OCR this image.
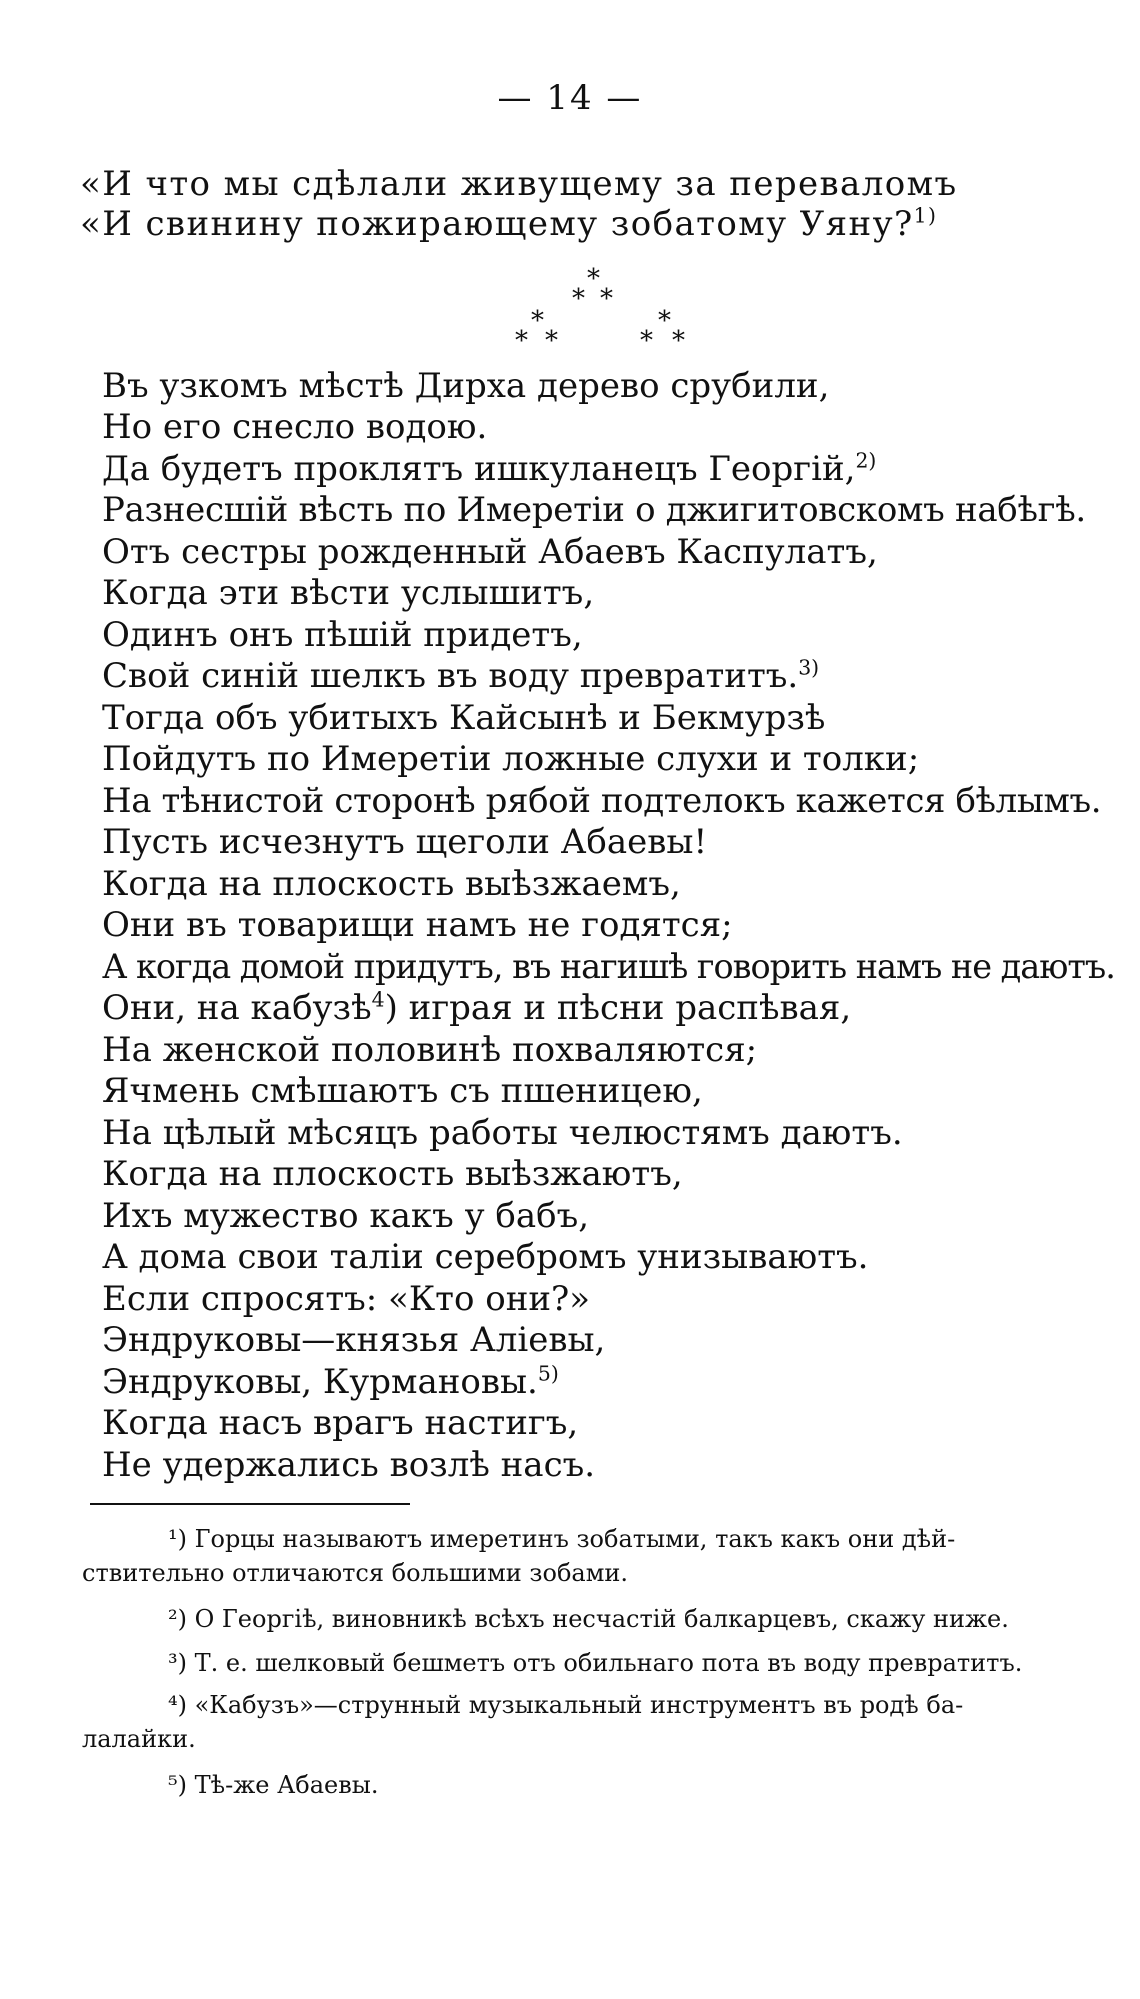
— 14 —
«И что мы сдѣлали живущему за переваломъ
«И свинину пожирающему зобатому Уяну?$^{1)}$
*
* *
*	*
* *	* *
Въ узкомъ мѣстѣ Дирха дерево срубили,
Но его снесло водою.
Да будетъ проклятъ ишкуланецъ Георгій,$^{2)}$
Разнесшій вѣсть по Имеретіи о джигитовскомъ набѣгѣ.
Отъ сестры рожденный Абаевъ Каспулатъ,
Когда эти вѣсти услышитъ,
Одинъ онъ пѣшій придетъ,
Свой синій шелкъ въ воду превратитъ.$^{3)}$
Тогда объ убитыхъ Кайсынѣ и Бекмурзѣ
Пойдутъ по Имеретіи ложные слухи и толки;
На тѣнистой сторонѣ рябой подтелокъ кажется бѣлымъ.
Пусть исчезнутъ щеголи Абаевы!
Когда на плоскость выѣзжаемъ,
Они въ товарищи намъ не годятся;
А когда домой придутъ, въ нагишѣ говорить намъ не даютъ.
Они, на кабузѣ$^4$) играя и пѣсни распѣвая,
На женской половинѣ похваляются;
Ячмень смѣшаютъ съ пшеницею,
На цѣлый мѣсяцъ работы челюстямъ даютъ.
Когда на плоскость выѣзжаютъ,
Ихъ мужество какъ у бабъ,
А дома свои таліи серебромъ унизываютъ.
Если спросятъ: «Кто они?»
Эндруковы—князья Аліевы,
Эндруковы, Курмановы.$^{5)}$
Когда насъ врагъ настигъ,
Не удержались возлѣ насъ.
¹) Горцы называютъ имеретинъ зобатыми, такъ какъ они дѣй-
ствительно отличаются большими зобами.
²) О Георгіѣ, виновникѣ всѣхъ несчастій балкарцевъ, скажу ниже.
³) Т. е. шелковый бешметъ отъ обильнаго пота въ воду превратитъ.
⁴) «Кабузъ»—струнный музыкальный инструментъ въ родѣ ба-
лалайки.
⁵) Тѣ-же Абаевы.
